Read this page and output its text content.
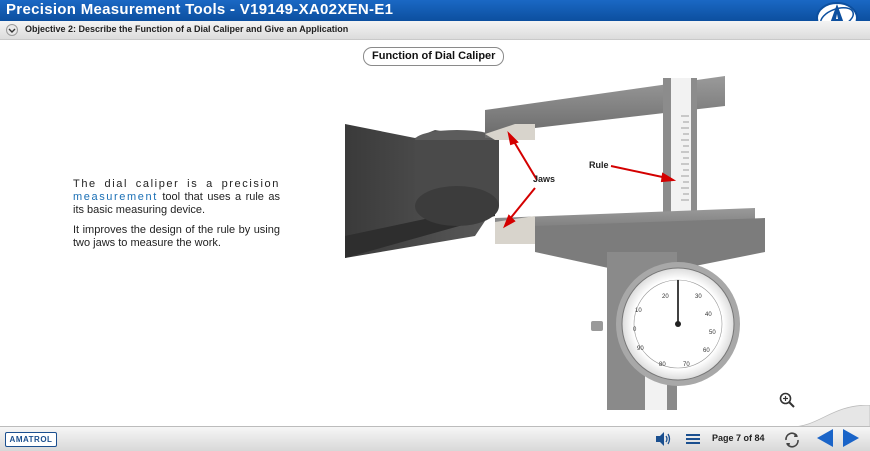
Precision Measurement Tools - V19149-XA02XEN-E1
Objective 2: Describe the Function of a Dial Caliper and Give an Application
Function of Dial Caliper

The dial caliper is a precision measurement tool that uses a rule as its basic measuring device.

It improves the design of the rule by using two jaws to measure the work.

20	30
10
40
0	50
90	60
80	70
Jaws
Rule
AMATROL	Page 7 of 84
